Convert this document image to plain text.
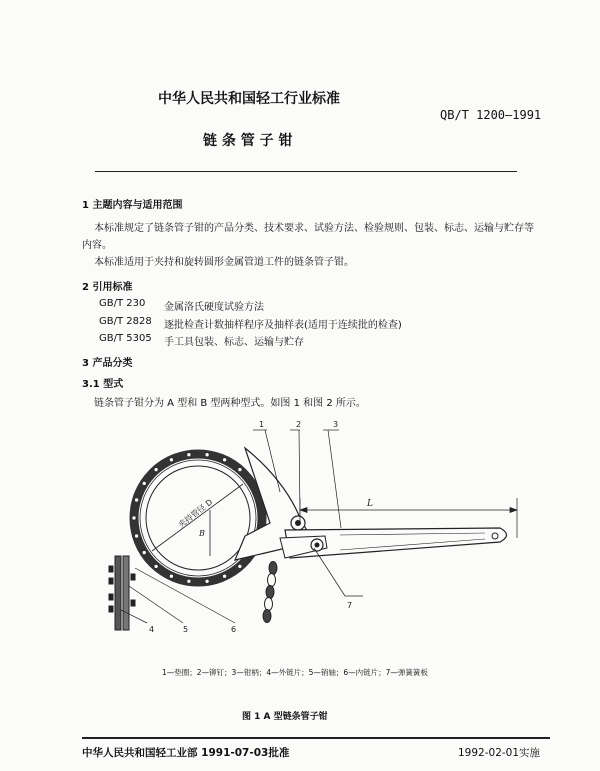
中华人民共和国轻工行业标准
QB/T 1200—1991
链 条 管 子 钳
1 主题内容与适用范围
本标准规定了链条管子钳的产品分类、技术要求、试验方法、检验规则、包装、标志、运输与贮存等
内容。
本标准适用于夹持和旋转圆形金属管道工件的链条管子钳。
2 引用标准
GB/T 230 金属洛氏硬度试验方法
GB/T 2828 逐批检查计数抽样程序及抽样表(适用于连续批的检查)
GB/T 5305 手工具包装、标志、运输与贮存
3 产品分类
3.1 型式
链条管子钳分为 A 型和 B 型两种型式。如图 1 和图 2 所示。
1	2	3
7
4	5	6
L
B
夹持管径 D
1—垫圈；2—铆钉；3—钳柄；4—外链片；5—销轴；6—内链片；7—弹簧簧板
图 1 A 型链条管子钳
中华人民共和国轻工业部 1991-07-03批准	1992-02-01实施
